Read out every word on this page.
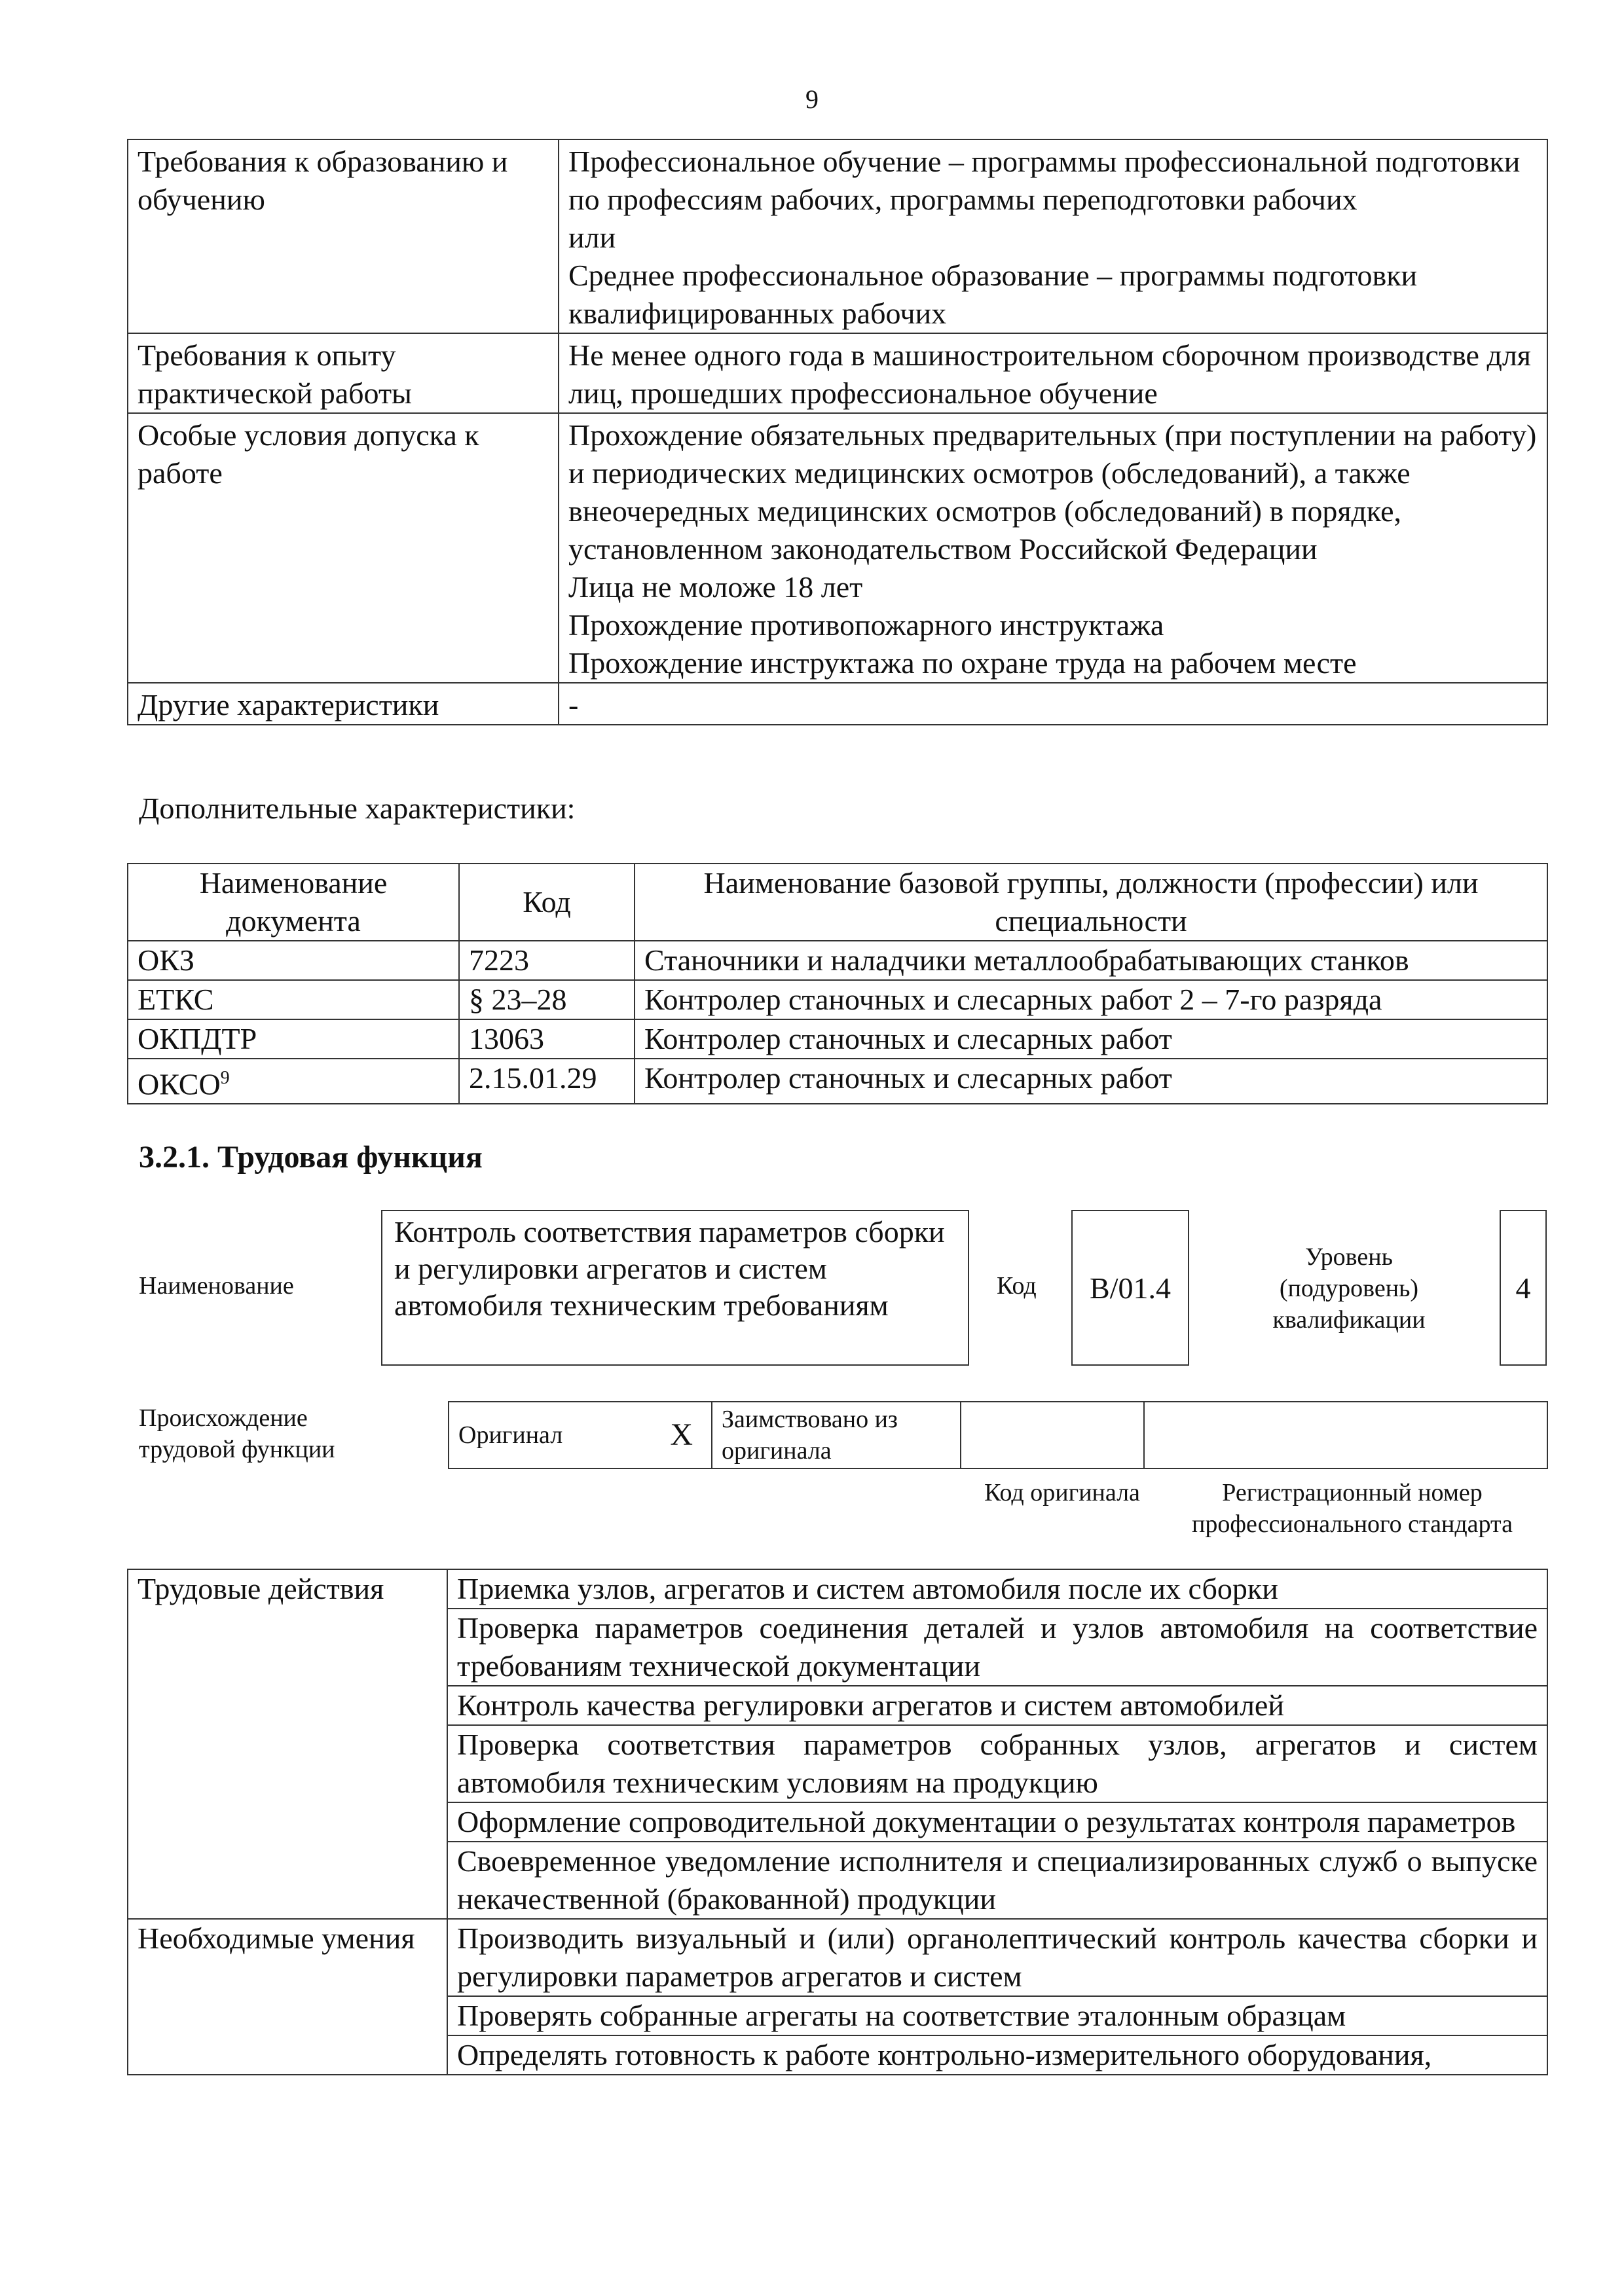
9
Требования к образованию и обучению	Профессиональное обучение – программы профессиональной подготовки по профессиям рабочих, программы переподготовки рабочих
или
Среднее профессиональное образование – программы подготовки квалифицированных рабочих

Требования к опыту практической работы	Не менее одного года в машиностроительном сборочном производстве для лиц, прошедших профессиональное обучение

Особые условия допуска к работе	Прохождение обязательных предварительных (при поступлении на работу) и периодических медицинских осмотров (обследований), а также внеочередных медицинских осмотров (обследований) в порядке, установленном законодательством Российской Федерации
Лица не моложе 18 лет
Прохождение противопожарного инструктажа
Прохождение инструктажа по охране труда на рабочем месте

Другие характеристики	-
Дополнительные характеристики:
Наименование документа	Код	Наименование базовой группы, должности (профессии) или специальности
ОКЗ	7223	Станочники и наладчики металлообрабатывающих станков
ЕТКС	§ 23–28	Контролер станочных и слесарных работ 2 – 7-го разряда
ОКПДТР	13063	Контролер станочных и слесарных работ
ОКСО$^9$	2.15.01.29	Контролер станочных и слесарных работ
3.2.1. Трудовая функция
Наименование
Контроль соответствия параметров сборки и регулировки агрегатов и систем автомобиля техническим требованиям
Код	B/01.4
Уровень (подуровень) квалификации
4
Происхождение трудовой функции
Оригинал	X	Заимствовано из оригинала		
Код оригинала	Регистрационный номер профессионального стандарта
Трудовые действия	Приемка узлов, агрегатов и систем автомобиля после их сборки
	Проверка параметров соединения деталей и узлов автомобиля на соответствие требованиям технической документации
	Контроль качества регулировки агрегатов и систем автомобилей
	Проверка соответствия параметров собранных узлов, агрегатов и систем автомобиля техническим условиям на продукцию
	Оформление сопроводительной документации о результатах контроля параметров
	Своевременное уведомление исполнителя и специализированных служб о выпуске некачественной (бракованной) продукции
Необходимые умения	Производить визуальный и (или) органолептический контроль качества сборки и регулировки параметров агрегатов и систем
	Проверять собранные агрегаты на соответствие эталонным образцам
	Определять готовность к работе контрольно-измерительного оборудования,
